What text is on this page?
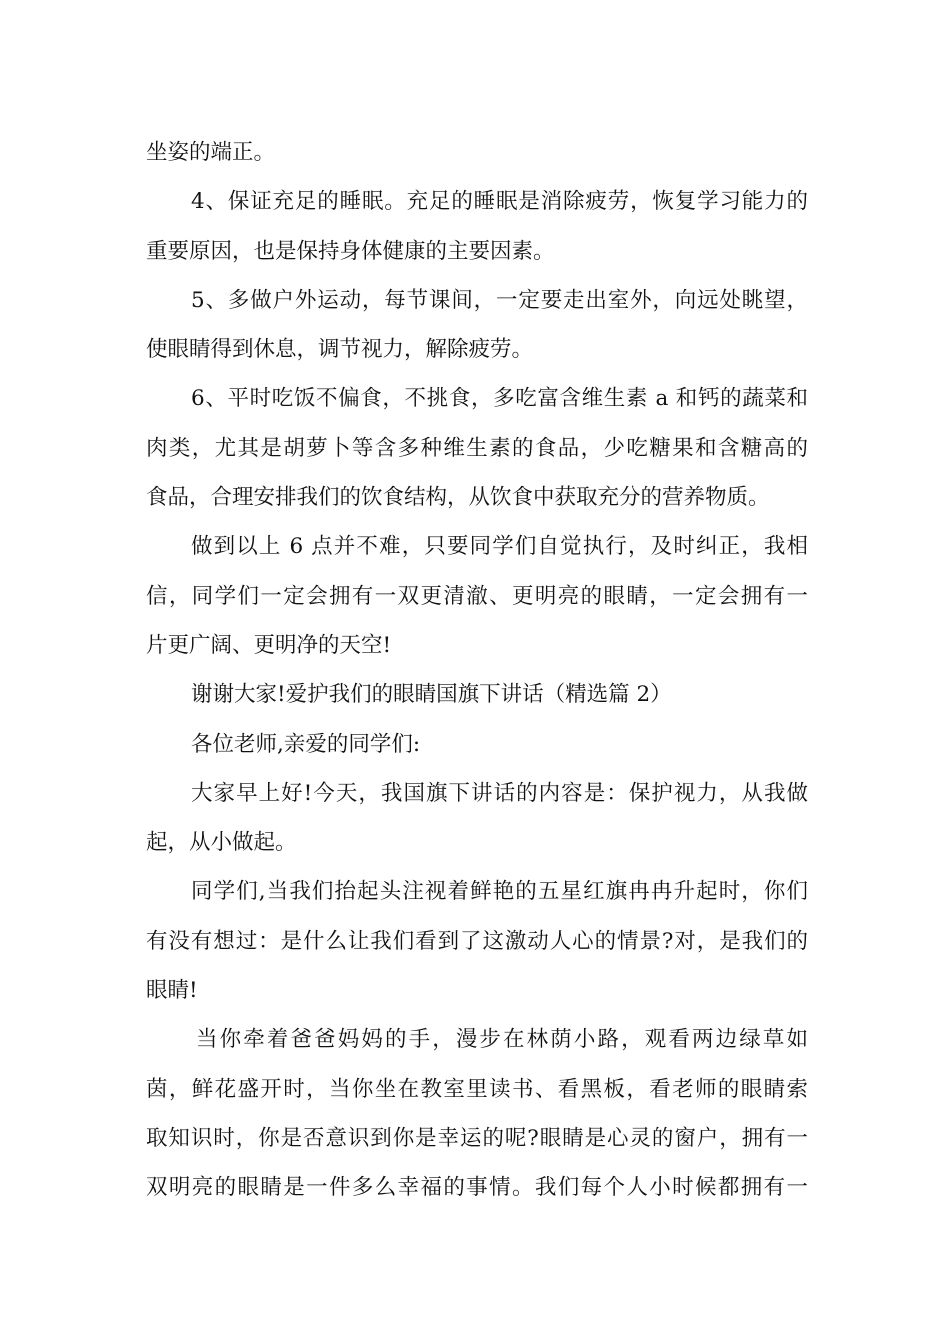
坐姿的端正。

4、保证充足的睡眠。充足的睡眠是消除疲劳，恢复学习能力的
重要原因，也是保持身体健康的主要因素。

5、多做户外运动，每节课间，一定要走出室外，向远处眺望，
使眼睛得到休息，调节视力，解除疲劳。

6、平时吃饭不偏食，不挑食，多吃富含维生素 a 和钙的蔬菜和
肉类，尤其是胡萝卜等含多种维生素的食品，少吃糖果和含糖高的
食品，合理安排我们的饮食结构，从饮食中获取充分的营养物质。

做到以上 6 点并不难，只要同学们自觉执行，及时纠正，我相
信，同学们一定会拥有一双更清澈、更明亮的眼睛，一定会拥有一
片更广阔、更明净的天空!

谢谢大家!爱护我们的眼睛国旗下讲话（精选篇 2）

各位老师,亲爱的同学们:

大家早上好!今天，我国旗下讲话的内容是：保护视力，从我做
起，从小做起。

同学们,当我们抬起头注视着鲜艳的五星红旗冉冉升起时，你们
有没有想过：是什么让我们看到了这激动人心的情景?对，是我们的
眼睛!

当你牵着爸爸妈妈的手，漫步在林荫小路，观看两边绿草如
茵，鲜花盛开时，当你坐在教室里读书、看黑板，看老师的眼睛索
取知识时，你是否意识到你是幸运的呢?眼睛是心灵的窗户，拥有一
双明亮的眼睛是一件多么幸福的事情。我们每个人小时候都拥有一
